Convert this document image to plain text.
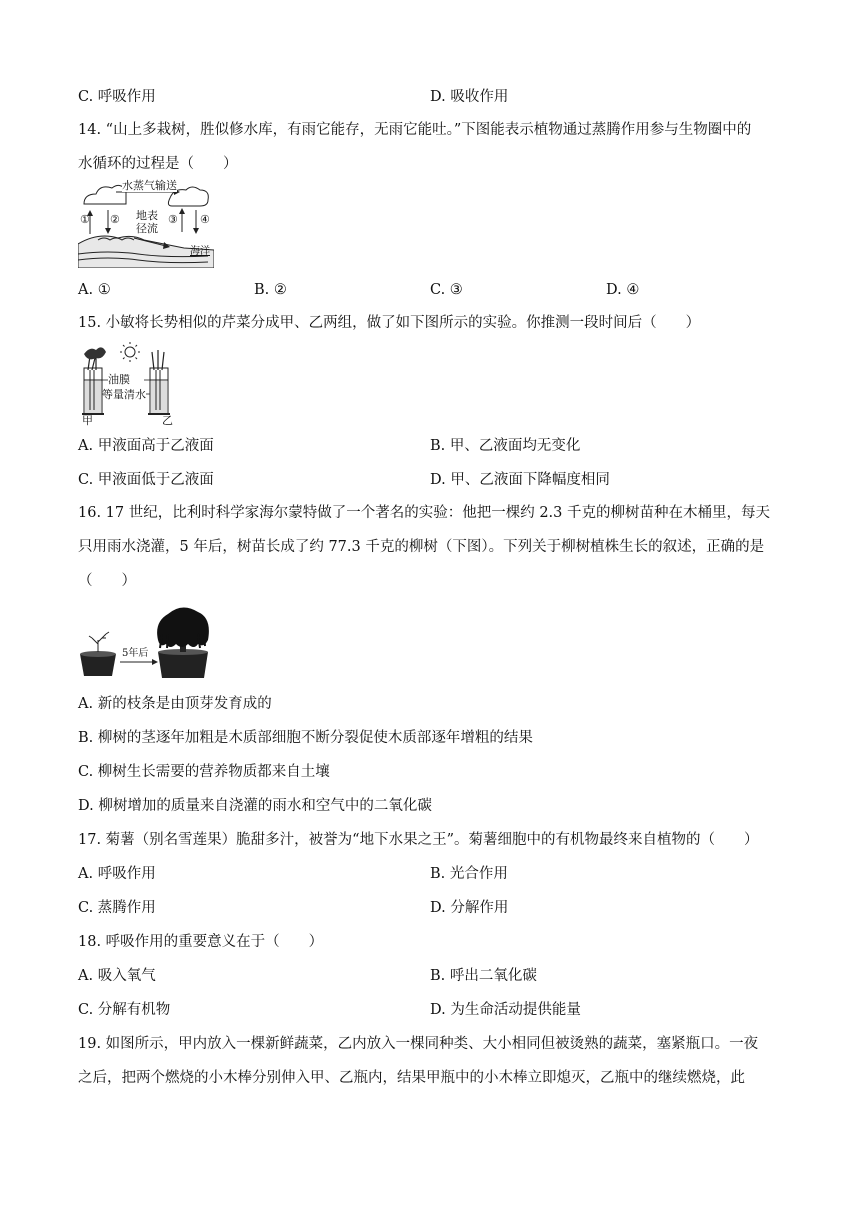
C. 呼吸作用	D. 吸收作用
14. “山上多栽树，胜似修水库，有雨它能存，无雨它能吐。”下图能表示植物通过蒸腾作用参与生物圈中的
水循环的过程是（　　）
水蒸气输送
① ②	③ ④
地表
径流
海洋
A. ①	B. ②	C. ③	D. ④
15. 小敏将长势相似的芹菜分成甲、乙两组，做了如下图所示的实验。你推测一段时间后（　　）
油膜
等量清水
甲	乙
A. 甲液面高于乙液面	B. 甲、乙液面均无变化
C. 甲液面低于乙液面	D. 甲、乙液面下降幅度相同
16. 17 世纪，比利时科学家海尔蒙特做了一个著名的实验：他把一棵约 2.3 千克的柳树苗种在木桶里，每天
只用雨水浇灌，5 年后，树苗长成了约 77.3 千克的柳树（下图）。下列关于柳树植株生长的叙述，正确的是
（　　）
5年后
A. 新的枝条是由顶芽发育成的
B. 柳树的茎逐年加粗是木质部细胞不断分裂促使木质部逐年增粗的结果
C. 柳树生长需要的营养物质都来自土壤
D. 柳树增加的质量来自浇灌的雨水和空气中的二氧化碳
17. 菊薯（别名雪莲果）脆甜多汁，被誉为“地下水果之王”。菊薯细胞中的有机物最终来自植物的（　　）
A. 呼吸作用	B. 光合作用
C. 蒸腾作用	D. 分解作用
18. 呼吸作用的重要意义在于（　　）
A. 吸入氧气	B. 呼出二氧化碳
C. 分解有机物	D. 为生命活动提供能量
19. 如图所示，甲内放入一棵新鲜蔬菜，乙内放入一棵同种类、大小相同但被烫熟的蔬菜，塞紧瓶口。一夜
之后，把两个燃烧的小木棒分别伸入甲、乙瓶内，结果甲瓶中的小木棒立即熄灭，乙瓶中的继续燃烧，此
